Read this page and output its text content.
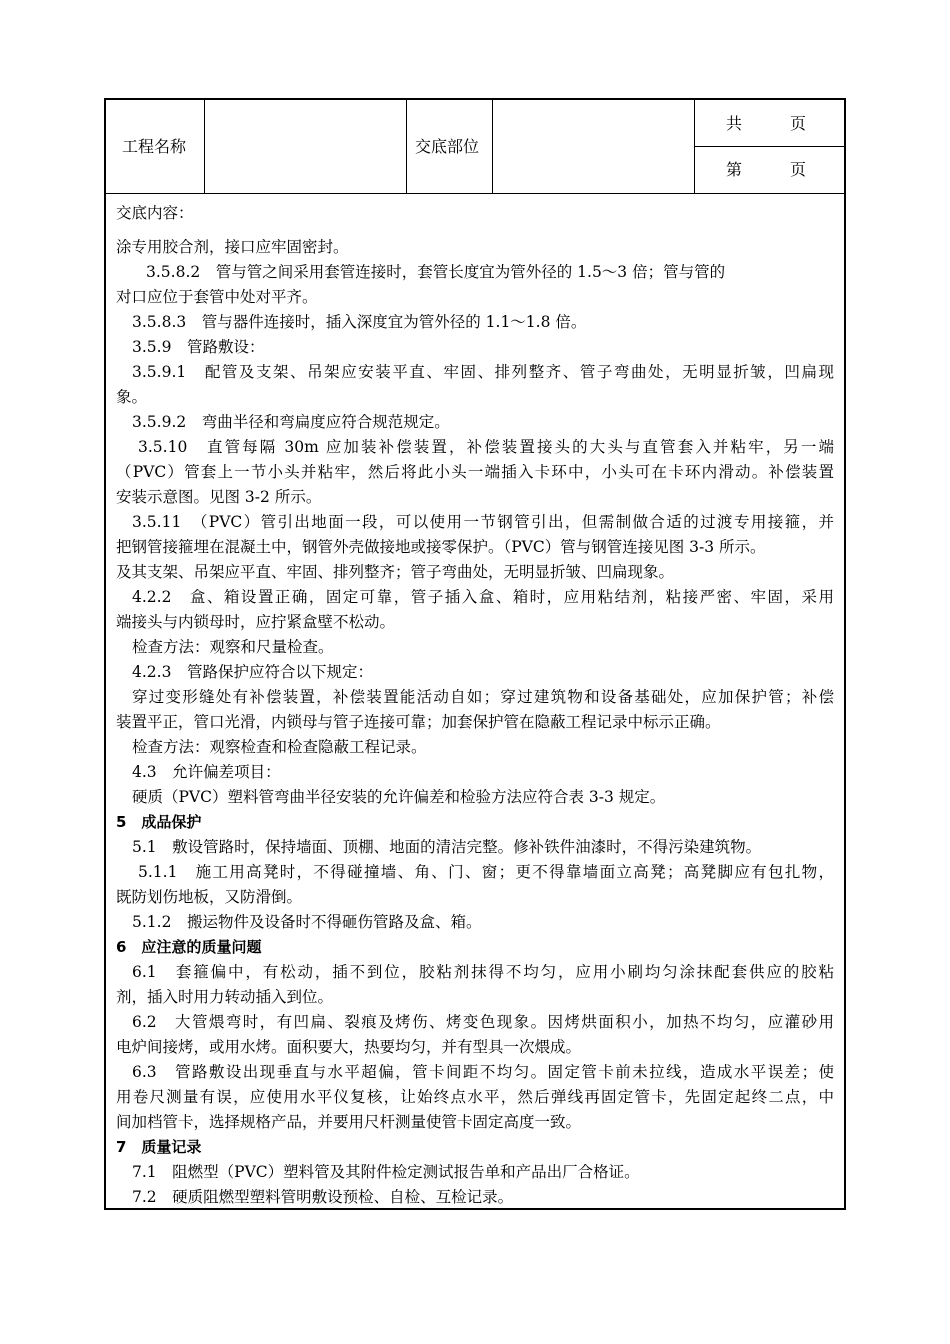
工程名称	交底部位
共　　　页
第　　　页
交底内容：
涂专用胶合剂，接口应牢固密封。
3.5.8.2　管与管之间采用套管连接时，套管长度宜为管外径的 1.5～3 倍；管与管的
对口应位于套管中处对平齐。
3.5.8.3　管与器件连接时，插入深度宜为管外径的 1.1～1.8 倍。
3.5.9　管路敷设：
3.5.9.1　配管及支架、吊架应安装平直、牢固、排列整齐、管子弯曲处，无明显折皱，凹扁现
象。
3.5.9.2　弯曲半径和弯扁度应符合规范规定。
3.5.10　直管每隔 30m 应加装补偿装置，补偿装置接头的大头与直管套入并粘牢，另一端
（PVC）管套上一节小头并粘牢，然后将此小头一端插入卡环中，小头可在卡环内滑动。补偿装置
安装示意图。见图 3-2 所示。
3.5.11　（PVC）管引出地面一段，可以使用一节钢管引出，但需制做合适的过渡专用接箍，并
把钢管接箍埋在混凝土中，钢管外壳做接地或接零保护。（PVC）管与钢管连接见图 3-3 所示。
及其支架、吊架应平直、牢固、排列整齐；管子弯曲处，无明显折皱、凹扁现象。
4.2.2　盒、箱设置正确，固定可靠，管子插入盒、箱时，应用粘结剂，粘接严密、牢固，采用
端接头与内锁母时，应拧紧盒壁不松动。
检查方法：观察和尺量检查。
4.2.3　管路保护应符合以下规定：
穿过变形缝处有补偿装置，补偿装置能活动自如；穿过建筑物和设备基础处，应加保护管；补偿
装置平正，管口光滑，内锁母与管子连接可靠；加套保护管在隐蔽工程记录中标示正确。
检查方法：观察检查和检查隐蔽工程记录。
4.3　允许偏差项目：
硬质（PVC）塑料管弯曲半径安装的允许偏差和检验方法应符合表 3-3 规定。
5　成品保护
5.1　敷设管路时，保持墙面、顶棚、地面的清洁完整。修补铁件油漆时，不得污染建筑物。
5.1.1　施工用高凳时，不得碰撞墙、角、门、窗；更不得靠墙面立高凳；高凳脚应有包扎物，
既防划伤地板，又防滑倒。
5.1.2　搬运物件及设备时不得砸伤管路及盒、箱。
6　应注意的质量问题
6.1　套箍偏中，有松动，插不到位，胶粘剂抹得不均匀，应用小刷均匀涂抹配套供应的胶粘
剂，插入时用力转动插入到位。
6.2　大管煨弯时，有凹扁、裂痕及烤伤、烤变色现象。因烤烘面积小，加热不均匀，应灌砂用
电炉间接烤，或用水烤。面积要大，热要均匀，并有型具一次煨成。
6.3　管路敷设出现垂直与水平超偏，管卡间距不均匀。固定管卡前未拉线，造成水平误差；使
用卷尺测量有误，应使用水平仪复核，让始终点水平，然后弹线再固定管卡，先固定起终二点，中
间加档管卡，选择规格产品，并要用尺杆测量使管卡固定高度一致。
7　质量记录
7.1　阻燃型（PVC）塑料管及其附件检定测试报告单和产品出厂合格证。
7.2　硬质阻燃型塑料管明敷设预检、自检、互检记录。
